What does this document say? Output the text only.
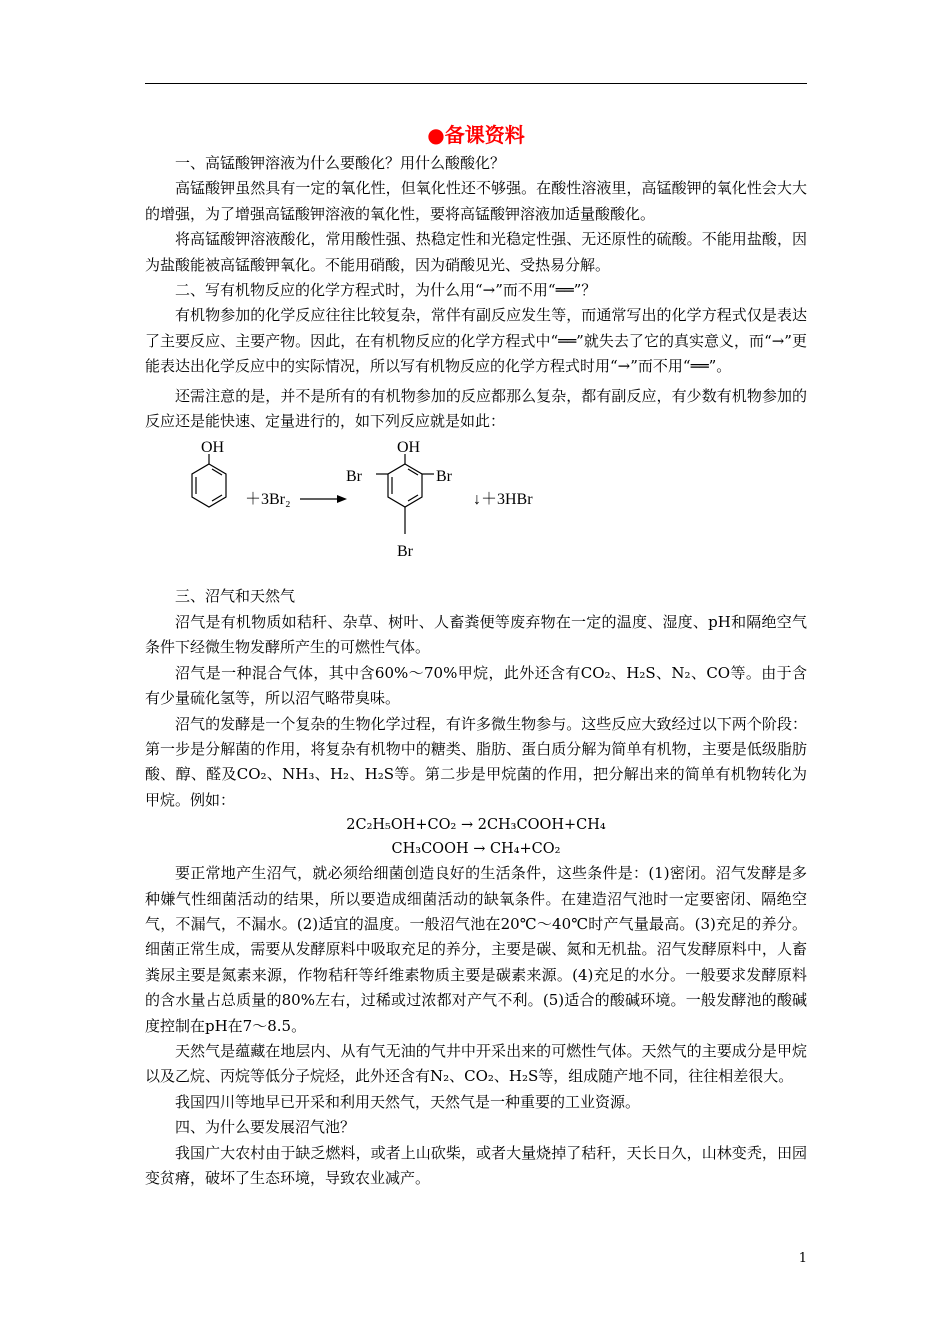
●备课资料
一、高锰酸钾溶液为什么要酸化？用什么酸酸化？

高锰酸钾虽然具有一定的氧化性，但氧化性还不够强。在酸性溶液里，高锰酸钾的氧化性会大大的增强，为了增强高锰酸钾溶液的氧化性，要将高锰酸钾溶液加适量酸酸化。

将高锰酸钾溶液酸化，常用酸性强、热稳定性和光稳定性强、无还原性的硫酸。不能用盐酸，因为盐酸能被高锰酸钾氧化。不能用硝酸，因为硝酸见光、受热易分解。

二、写有机物反应的化学方程式时，为什么用“→”而不用“══”？

有机物参加的化学反应往往比较复杂，常伴有副反应发生等，而通常写出的化学方程式仅是表达了主要反应、主要产物。因此，在有机物反应的化学方程式中“══”就失去了它的真实意义，而“→”更能表达出化学反应中的实际情况，所以写有机物反应的化学方程式时用“→”而不用“══”。

还需注意的是，并不是所有的有机物参加的反应都那么复杂，都有副反应，有少数有机物参加的反应还是能快速、定量进行的，如下列反应就是如此：

OH
＋3Br₂
OH
Br	Br
Br
↓＋3HBr
三、沼气和天然气

沼气是有机物质如秸秆、杂草、树叶、人畜粪便等废弃物在一定的温度、湿度、pH和隔绝空气条件下经微生物发酵所产生的可燃性气体。

沼气是一种混合气体，其中含60%～70%甲烷，此外还含有CO₂、H₂S、N₂、CO等。由于含有少量硫化氢等，所以沼气略带臭味。

沼气的发酵是一个复杂的生物化学过程，有许多微生物参与。这些反应大致经过以下两个阶段：第一步是分解菌的作用，将复杂有机物中的糖类、脂肪、蛋白质分解为简单有机物，主要是低级脂肪酸、醇、醛及CO₂、NH₃、H₂、H₂S等。第二步是甲烷菌的作用，把分解出来的简单有机物转化为甲烷。例如：

2C₂H₅OH+CO₂ → 2CH₃COOH+CH₄
CH₃COOH → CH₄+CO₂

要正常地产生沼气，就必须给细菌创造良好的生活条件，这些条件是：(1)密闭。沼气发酵是多种嫌气性细菌活动的结果，所以要造成细菌活动的缺氧条件。在建造沼气池时一定要密闭、隔绝空气，不漏气，不漏水。(2)适宜的温度。一般沼气池在20℃～40℃时产气量最高。(3)充足的养分。细菌正常生成，需要从发酵原料中吸取充足的养分，主要是碳、氮和无机盐。沼气发酵原料中，人畜粪尿主要是氮素来源，作物秸秆等纤维素物质主要是碳素来源。(4)充足的水分。一般要求发酵原料的含水量占总质量的80%左右，过稀或过浓都对产气不利。(5)适合的酸碱环境。一般发酵池的酸碱度控制在pH在7～8.5。

天然气是蕴藏在地层内、从有气无油的气井中开采出来的可燃性气体。天然气的主要成分是甲烷以及乙烷、丙烷等低分子烷烃，此外还含有N₂、CO₂、H₂S等，组成随产地不同，往往相差很大。

我国四川等地早已开采和利用天然气，天然气是一种重要的工业资源。

四、为什么要发展沼气池？

我国广大农村由于缺乏燃料，或者上山砍柴，或者大量烧掉了秸秆，天长日久，山林变秃，田园变贫瘠，破坏了生态环境，导致农业减产。

1
